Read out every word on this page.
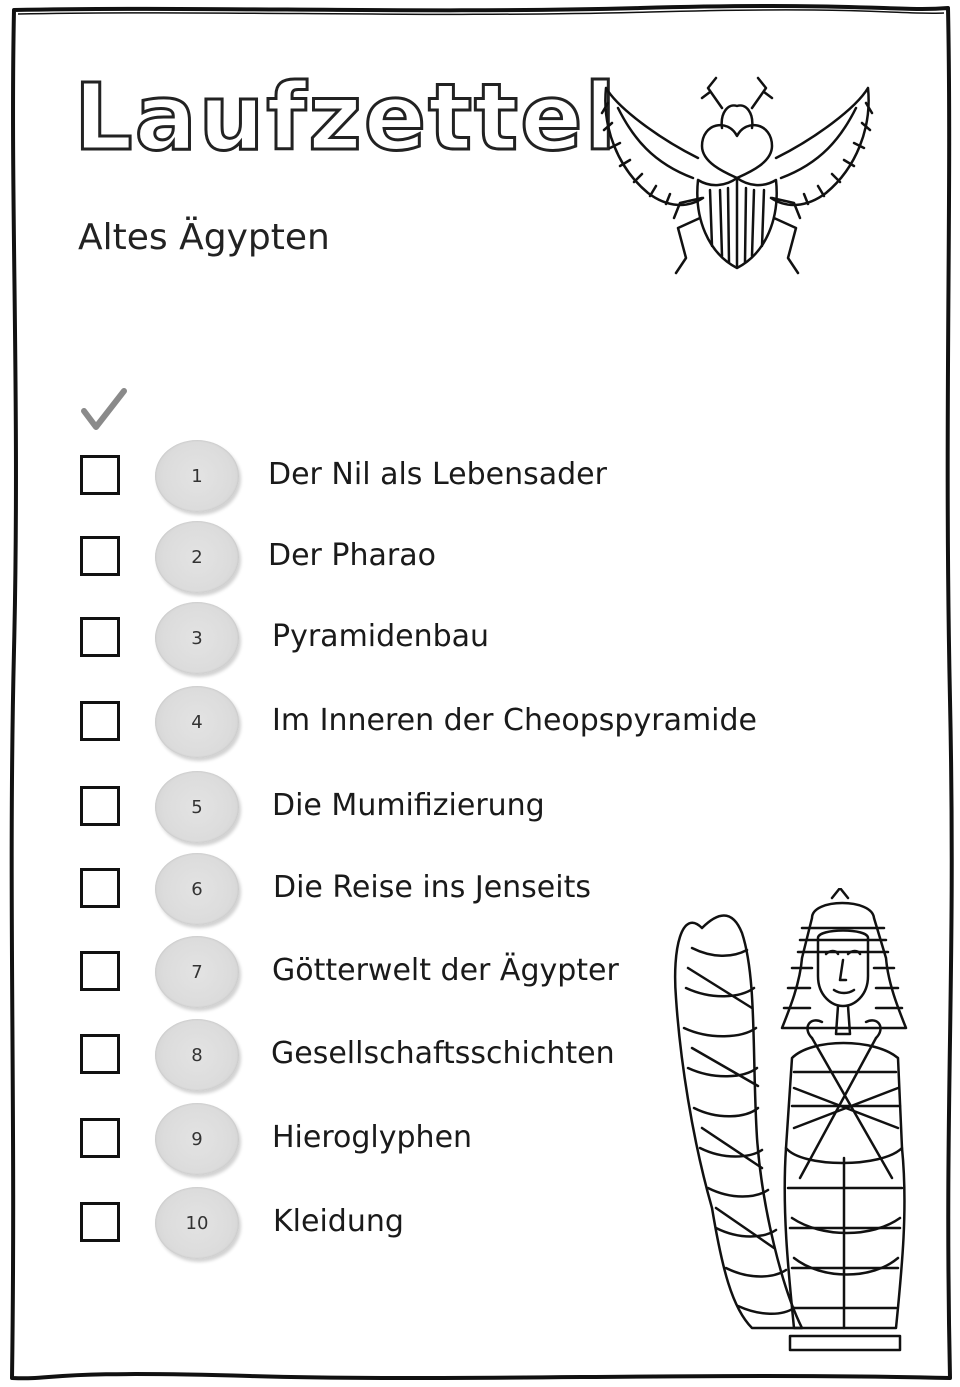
Laufzettel
Altes Ägypten
1	Der Nil als Lebensader
2	Der Pharao
3	Pyramidenbau
4	Im Inneren der Cheopspyramide
5	Die Mumifizierung
6	Die Reise ins Jenseits
7	Götterwelt der Ägypter
8	Gesellschaftsschichten
9	Hieroglyphen
10	Kleidung
